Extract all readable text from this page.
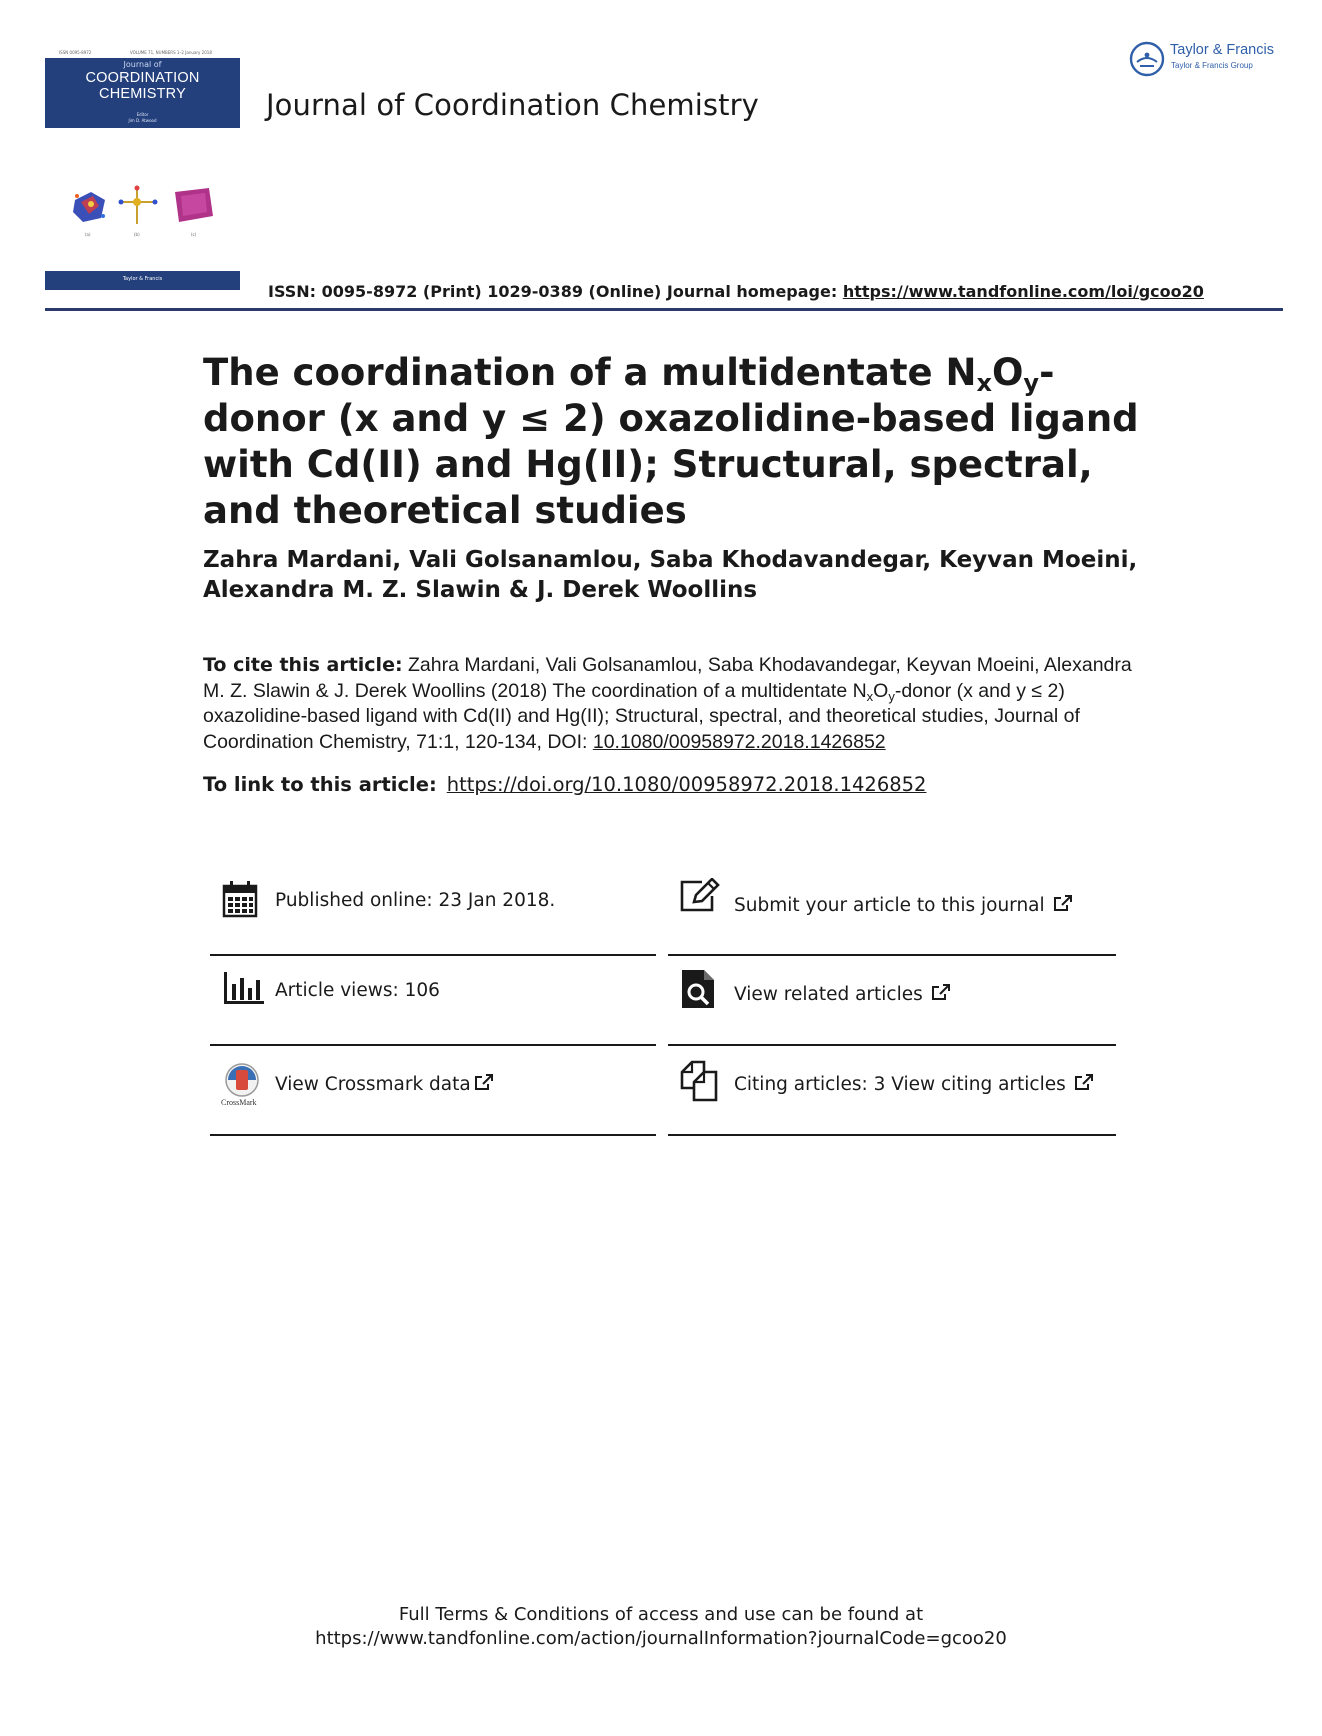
ISSN 0095-8972	VOLUME 71, NUMBERS 1–2 January 2018
Journal of
COORDINATION
CHEMISTRY
Editor
Jim D. Atwood
(a)	(b)	(c)
Taylor & Francis
Journal of Coordination Chemistry
Taylor & Francis
Taylor & Francis Group
ISSN: 0095-8972 (Print) 1029-0389 (Online) Journal homepage: https://www.tandfonline.com/loi/gcoo20
The coordination of a multidentate $N_xO_y$-donor (x and y ≤ 2) oxazolidine-based ligand with Cd(II) and Hg(II); Structural, spectral, and theoretical studies
Zahra Mardani, Vali Golsanamlou, Saba Khodavandegar, Keyvan Moeini,
Alexandra M. Z. Slawin & J. Derek Woollins
To cite this article: Zahra Mardani, Vali Golsanamlou, Saba Khodavandegar, Keyvan Moeini, Alexandra M. Z. Slawin & J. Derek Woollins (2018) The coordination of a multidentate $N_xO_y$-donor (x and y ≤ 2) oxazolidine-based ligand with Cd(II) and Hg(II); Structural, spectral, and theoretical studies, Journal of Coordination Chemistry, 71:1, 120-134, DOI: 10.1080/00958972.2018.1426852
To link to this article: https://doi.org/10.1080/00958972.2018.1426852
Published online: 23 Jan 2018.	Submit your article to this journal
Article views: 106	View related articles
CrossMark
View Crossmark data	Citing articles: 3 View citing articles
Full Terms & Conditions of access and use can be found at
https://www.tandfonline.com/action/journalInformation?journalCode=gcoo20
